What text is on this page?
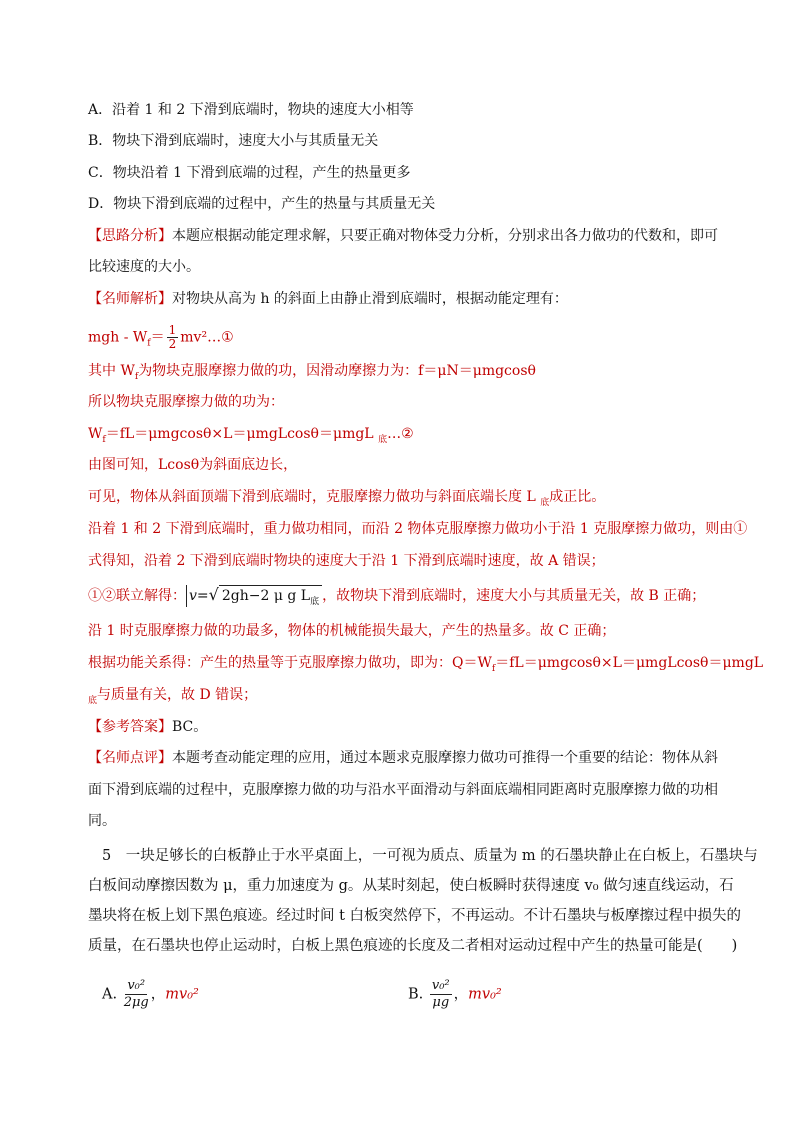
A．沿着 1 和 2 下滑到底端时，物块的速度大小相等
B．物块下滑到底端时，速度大小与其质量无关
C．物块沿着 1 下滑到底端的过程，产生的热量更多
D．物块下滑到底端的过程中，产生的热量与其质量无关
【思路分析】本题应根据动能定理求解，只要正确对物体受力分析，分别求出各力做功的代数和，即可
比较速度的大小。
【名师解析】对物块从高为 h 的斜面上由静止滑到底端时，根据动能定理有：
mgh - $W_f= \frac{1}{2}$ mv²…①
其中 $W_f$为物块克服摩擦力做的功，因滑动摩擦力为：f＝μN＝μmgcosθ
所以物块克服摩擦力做的功为：
$W_f=fL=\mu mgcos\theta\times L=\mu mgLcos\theta=\mu mgL$ $_底$…②
由图可知，Lcosθ为斜面底边长，
可见，物体从斜面顶端下滑到底端时，克服摩擦力做功与斜面底端长度 L $_底$成正比。
沿着 1 和 2 下滑到底端时，重力做功相同，而沿 2 物体克服摩擦力做功小于沿 1 克服摩擦力做功，则由①
式得知，沿着 2 下滑到底端时物块的速度大于沿 1 下滑到底端时速度，故 A 错误；
①②联立解得： v=√ 2gh−2 μ g $L_底$ ，故物块下滑到底端时，速度大小与其质量无关，故 B 正确；
沿 1 时克服摩擦力做的功最多，物体的机械能损失最大，产生的热量多。故 C 正确；
根据功能关系得：产生的热量等于克服摩擦力做功，即为：$Q=W_f=fL=\mu mgcos\theta\times L=\mu mgLcos\theta=\mu mgL$
$_底$与质量有关，故 D 错误；
【参考答案】BC。
【名师点评】本题考查动能定理的应用，通过本题求克服摩擦力做功可推得一个重要的结论：物体从斜
面下滑到底端的过程中，克服摩擦力做的功与沿水平面滑动与斜面底端相同距离时克服摩擦力做的功相
同。
5　一块足够长的白板静止于水平桌面上，一可视为质点、质量为 m 的石墨块静止在白板上，石墨块与
白板间动摩擦因数为 μ，重力加速度为 g。从某时刻起，使白板瞬时获得速度 v₀ 做匀速直线运动，石
墨块将在板上划下黑色痕迹。经过时间 t 白板突然停下，不再运动。不计石墨块与板摩擦过程中损失的
质量，在石墨块也停止运动时，白板上黑色痕迹的长度及二者相对运动过程中产生的热量可能是(　　)
A. $\frac{\text{v₀²}}{2\mu g}$ ，mv₀²	B. $\frac{\text{v₀²}}{\mu g}$ ，mv₀²
